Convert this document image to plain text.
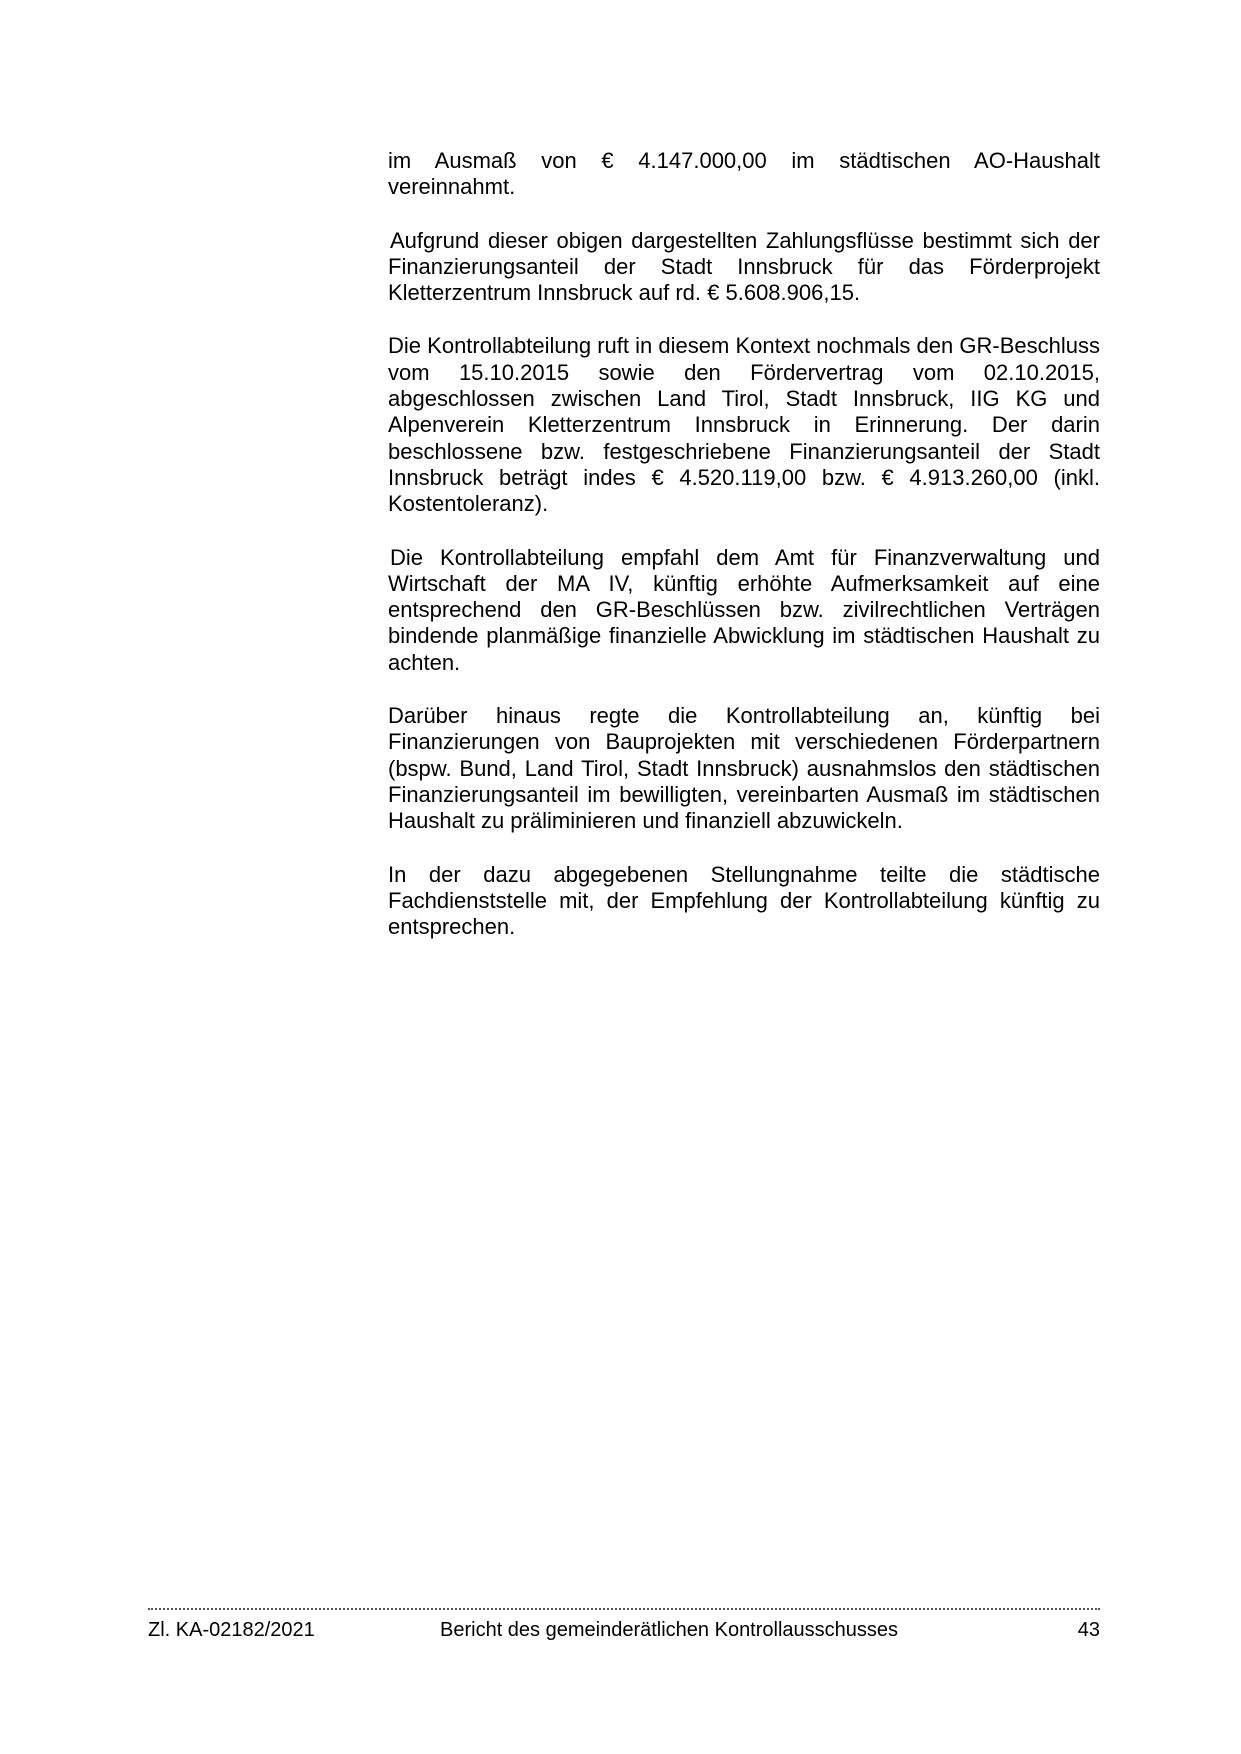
im Ausmaß von € 4.147.000,00 im städtischen AO-Haushalt vereinnahmt.

Aufgrund dieser obigen dargestellten Zahlungsflüsse bestimmt sich der Finanzierungsanteil der Stadt Innsbruck für das Förderprojekt Kletterzentrum Innsbruck auf rd. € 5.608.906,15.

Die Kontrollabteilung ruft in diesem Kontext nochmals den GR-Beschluss vom 15.10.2015 sowie den Fördervertrag vom 02.10.2015, abgeschlossen zwischen Land Tirol, Stadt Innsbruck, IIG KG und Alpenverein Kletterzentrum Innsbruck in Erinnerung. Der darin beschlossene bzw. festgeschriebene Finanzierungsanteil der Stadt Innsbruck beträgt indes € 4.520.119,00 bzw. € 4.913.260,00 (inkl. Kostentoleranz).

Die Kontrollabteilung empfahl dem Amt für Finanzverwaltung und Wirtschaft der MA IV, künftig erhöhte Aufmerksamkeit auf eine entsprechend den GR-Beschlüssen bzw. zivilrechtlichen Verträgen bindende planmäßige finanzielle Abwicklung im städtischen Haushalt zu achten.

Darüber hinaus regte die Kontrollabteilung an, künftig bei Finanzierungen von Bauprojekten mit verschiedenen Förderpartnern (bspw. Bund, Land Tirol, Stadt Innsbruck) ausnahmslos den städtischen Finanzierungsanteil im bewilligten, vereinbarten Ausmaß im städtischen Haushalt zu präliminieren und finanziell abzuwickeln.

In der dazu abgegebenen Stellungnahme teilte die städtische Fachdienststelle mit, der Empfehlung der Kontrollabteilung künftig zu entsprechen.

Zl. KA-02182/2021	Bericht des gemeinderätlichen Kontrollausschusses	43
